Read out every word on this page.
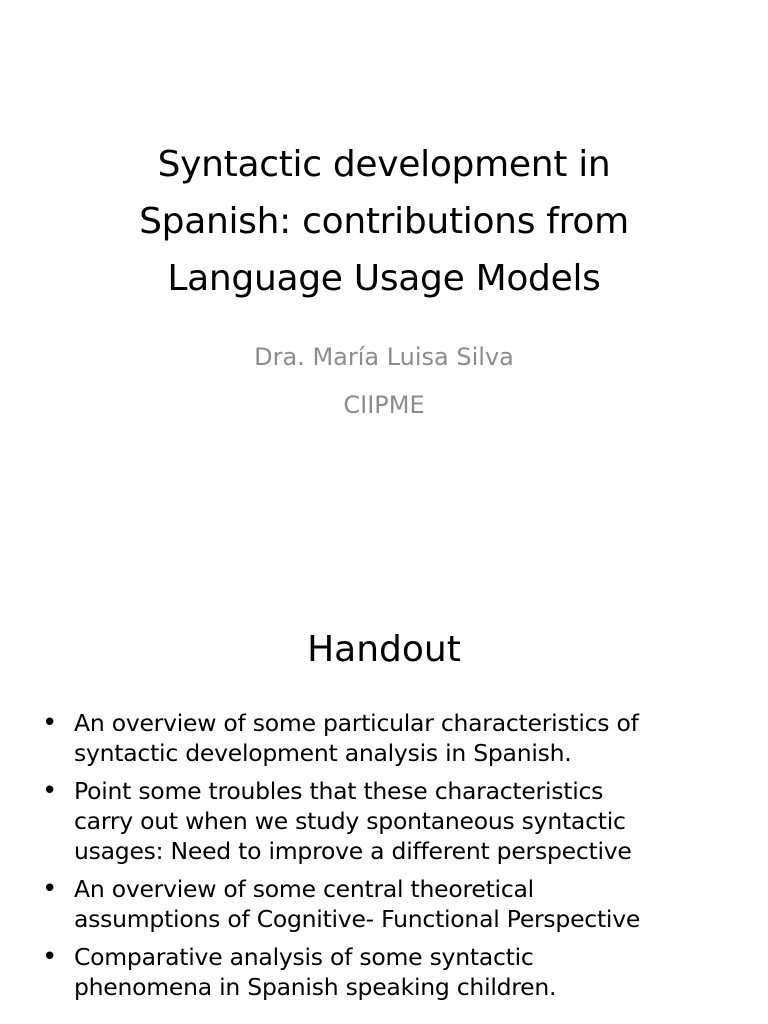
Syntactic development in
Spanish: contributions from
Language Usage Models
Dra. María Luisa Silva
CIIPME
Handout
• An overview of some particular characteristics of
syntactic development analysis in Spanish.
• Point some troubles that these characteristics
carry out when we study spontaneous syntactic
usages: Need to improve a different perspective
• An overview of some central theoretical
assumptions of Cognitive- Functional Perspective
• Comparative analysis of some syntactic
phenomena in Spanish speaking children.
